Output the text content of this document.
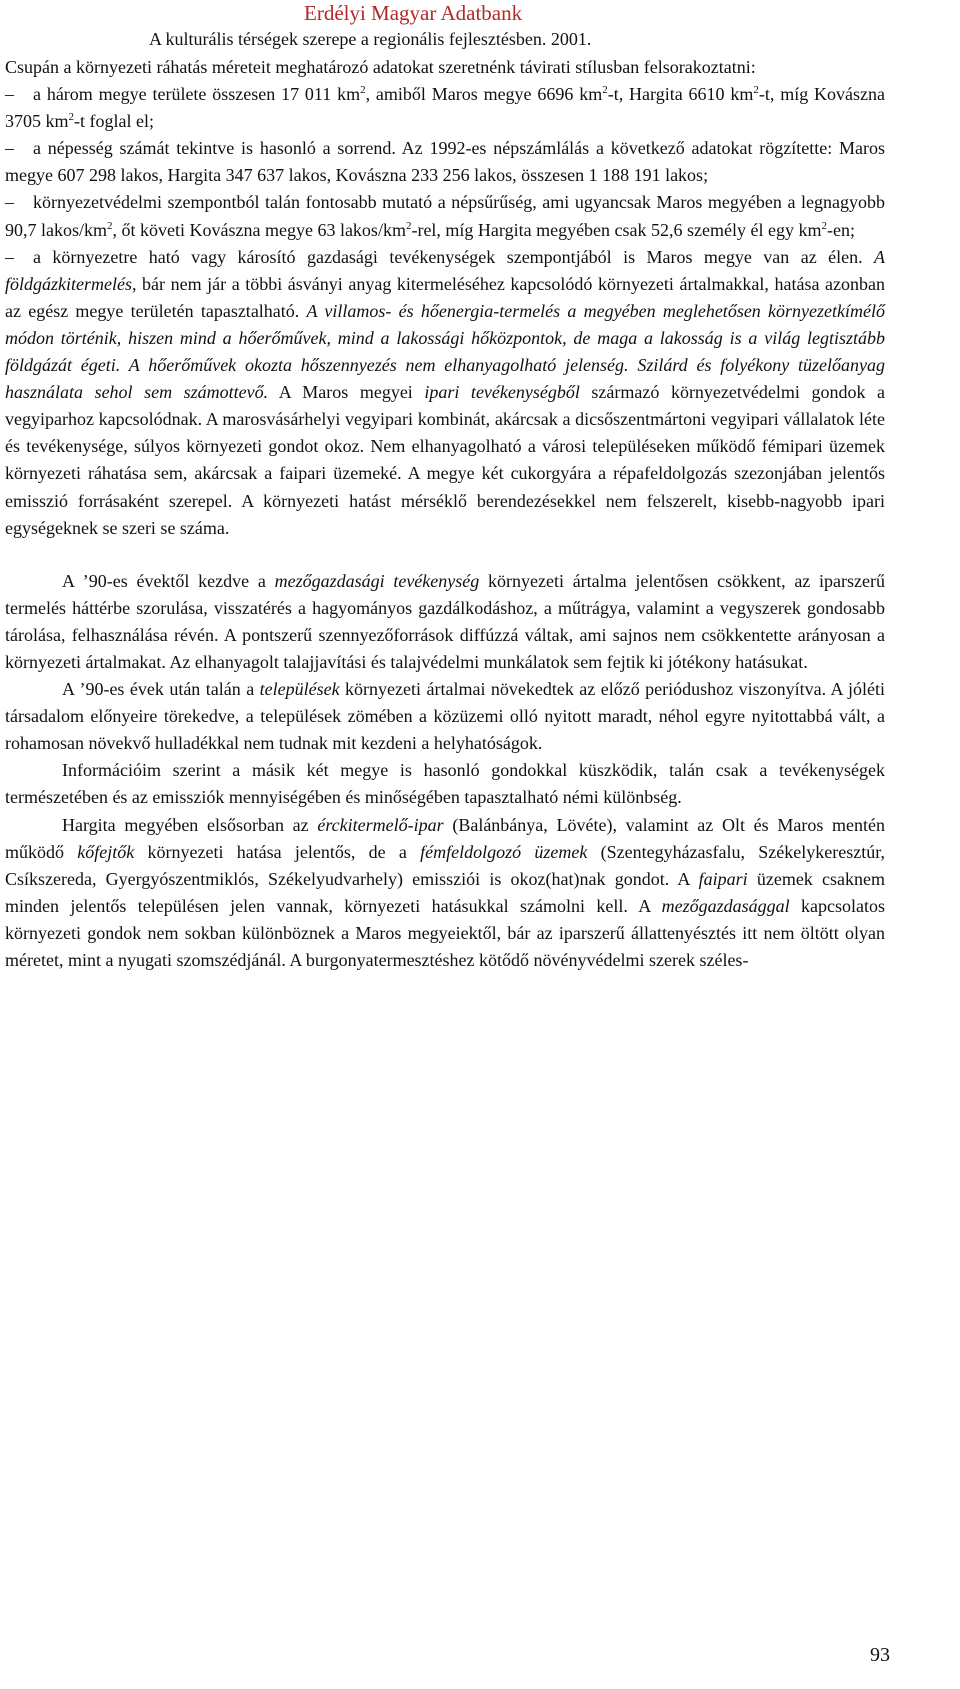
Erdélyi Magyar Adatbank
A kulturális térségek szerepe a regionális fejlesztésben. 2001.

Csupán a környezeti ráhatás méreteit meghatározó adatokat szeretnénk távirati stílusban felsorakoztatni:

– a három megye területe összesen 17 011 $km^2$, amiből Maros megye 6696 $km^2-t$, Hargita 6610 $km^2-t$, míg Kovászna 3705 $km^2-t$ foglal el;

– a népesség számát tekintve is hasonló a sorrend. Az 1992-es népszámlálás a következő adatokat rögzítette: Maros megye 607 298 lakos, Hargita 347 637 lakos, Kovászna 233 256 lakos, összesen 1 188 191 lakos;

– környezetvédelmi szempontból talán fontosabb mutató a népsűrűség, ami ugyancsak Maros megyében a legnagyobb 90,7 lakos/$km^2$, őt követi Kovászna megye 63 lakos/$km^2$-rel, míg Hargita megyében csak 52,6 személy él egy $km^2-en$;

– a környezetre ható vagy károsító gazdasági tevékenységek szempontjából is Maros megye van az élen. A földgázkitermelés, bár nem jár a többi ásványi anyag kitermeléséhez kapcsolódó környezeti ártalmakkal, hatása azonban az egész megye területén tapasztalható. A villamos- és hőenergia-termelés a megyében meglehetősen környezetkímélő módon történik, hiszen mind a hőerőművek, mind a lakossági hőközpontok, de maga a lakosság is a világ legtisztább földgázát égeti. A hőerőművek okozta hőszennyezés nem elhanyagolható jelenség. Szilárd és folyékony tüzelőanyag használata sehol sem számottevő. A Maros megyei ipari tevékenységből származó környezetvédelmi gondok a vegyiparhoz kapcsolódnak. A marosvásárhelyi vegyipari kombinát, akárcsak a dicsőszentmártoni vegyipari vállalatok léte és tevékenysége, súlyos környezeti gondot okoz. Nem elhanyagolható a városi településeken működő fémipari üzemek környezeti ráhatása sem, akárcsak a faipari üzemeké. A megye két cukorgyára a répafeldolgozás szezonjában jelentős emisszió forrásaként szerepel. A környezeti hatást mérséklő berendezésekkel nem felszerelt, kisebb-nagyobb ipari egységeknek se szeri se száma.

A ’90-es évektől kezdve a mezőgazdasági tevékenység környezeti ártalma jelentősen csökkent, az iparszerű termelés háttérbe szorulása, visszatérés a hagyományos gazdálkodáshoz, a műtrágya, valamint a vegyszerek gondosabb tárolása, felhasználása révén. A pontszerű szennyezőforrások diffúzzá váltak, ami sajnos nem csökkentette arányosan a környezeti ártalmakat. Az elhanyagolt talajjavítási és talajvédelmi munkálatok sem fejtik ki jótékony hatásukat.

A ’90-es évek után talán a települések környezeti ártalmai növekedtek az előző periódushoz viszonyítva. A jóléti társadalom előnyeire törekedve, a települések zömében a közüzemi olló nyitott maradt, néhol egyre nyitottabbá vált, a rohamosan növekvő hulladékkal nem tudnak mit kezdeni a helyhatóságok.

Információim szerint a másik két megye is hasonló gondokkal küszködik, talán csak a tevékenységek természetében és az emissziók mennyiségében és minőségében tapasztalható némi különbség.

Hargita megyében elsősorban az érckitermelő-ipar (Balánbánya, Lövéte), valamint az Olt és Maros mentén működő kőfejtők környezeti hatása jelentős, de a fémfeldolgozó üzemek (Szentegyházasfalu, Székelykeresztúr, Csíkszereda, Gyergyószentmiklós, Székelyudvarhely) emissziói is okoz(hat)nak gondot. A faipari üzemek csaknem minden jelentős településen jelen vannak, környezeti hatásukkal számolni kell. A mezőgazdasággal kapcsolatos környezeti gondok nem sokban különböznek a Maros megyeiektől, bár az iparszerű állattenyésztés itt nem öltött olyan méretet, mint a nyugati szomszédjánál. A burgonyatermesztéshez kötődő növényvédelmi szerek széles-

93
